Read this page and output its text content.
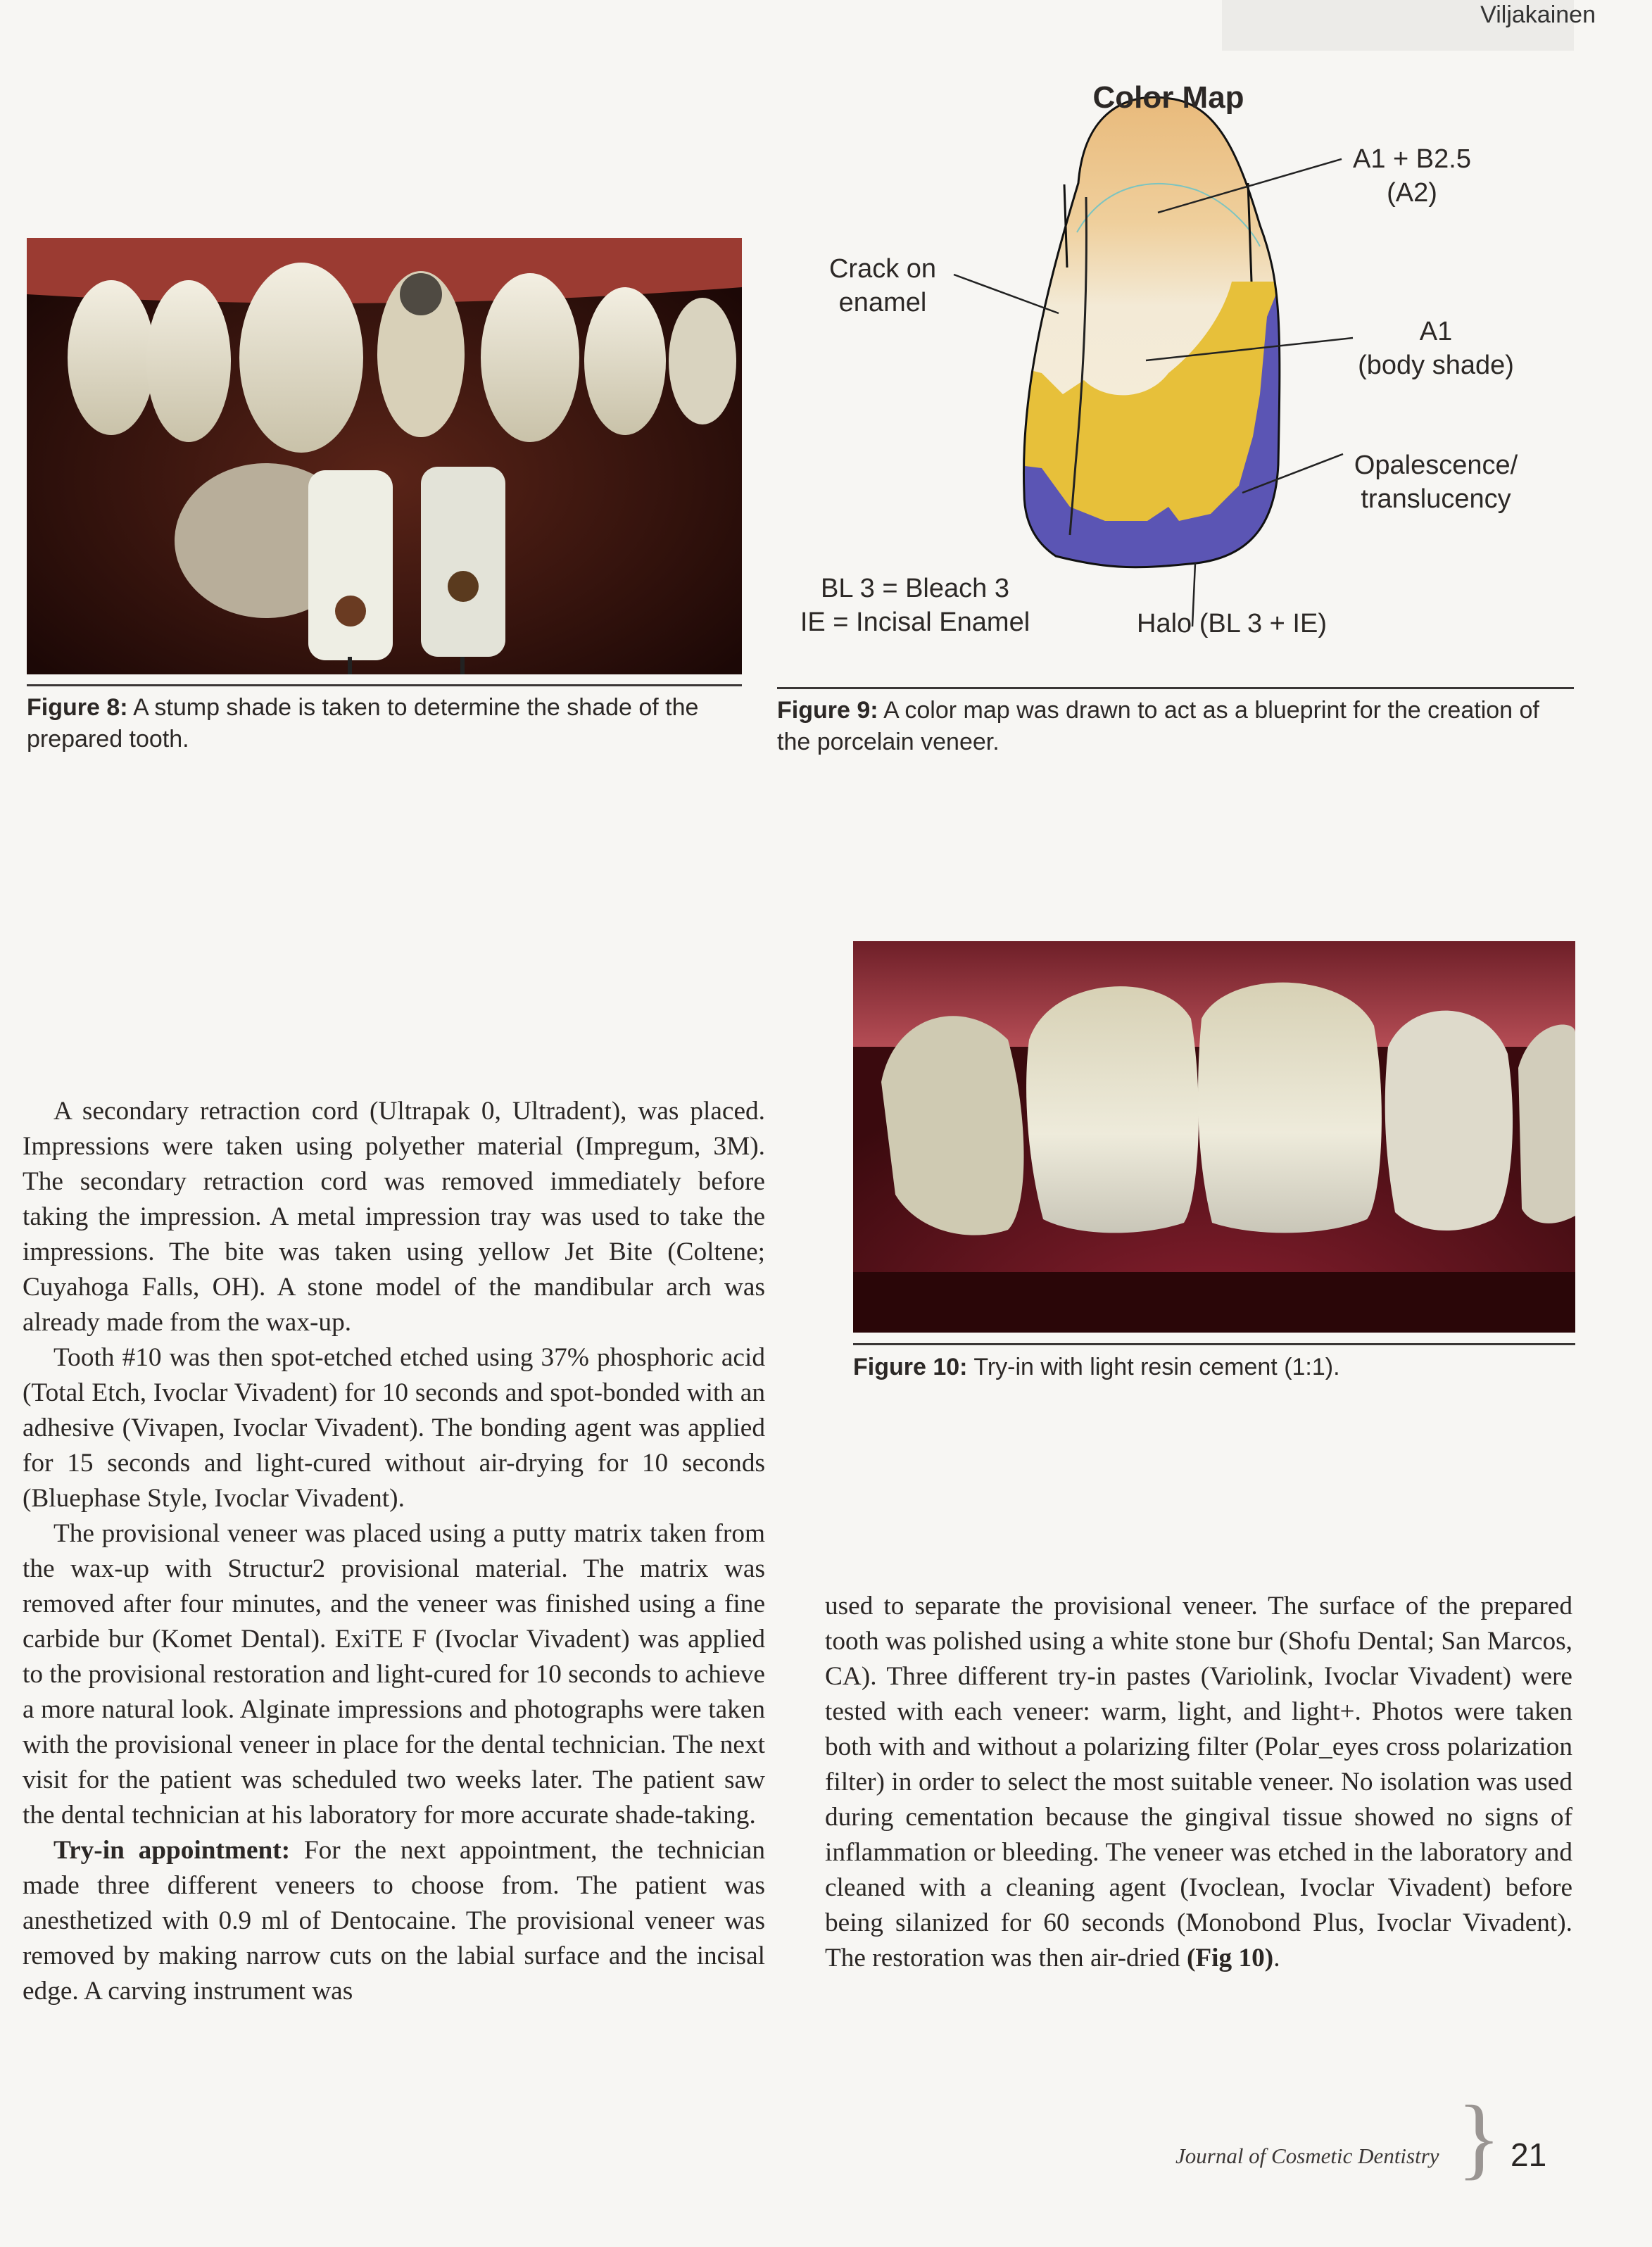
Viljakainen
Figure 8: A stump shade is taken to determine the shade of the prepared tooth.
Color Map
Crack on
enamel
A1 + B2.5
(A2)
A1
(body shade)
Opalescence/
translucency
Halo (BL 3 + IE)
BL 3 = Bleach 3
IE = Incisal Enamel
Figure 9: A color map was drawn to act as a blueprint for the creation of the porcelain veneer.
Figure 10: Try-in with light resin cement (1:1).

A secondary retraction cord (Ultrapak 0, Ultradent), was placed. Impressions were taken using polyether material (Impregum, 3M). The secondary retraction cord was removed immediately before taking the impression. A metal impression tray was used to take the impressions. The bite was taken using yellow Jet Bite (Coltene; Cuyahoga Falls, OH). A stone model of the mandibular arch was already made from the wax-up.

Tooth #10 was then spot-etched etched using 37% phosphoric acid (Total Etch, Ivoclar Vivadent) for 10 seconds and spot-bonded with an adhesive (Vivapen, Ivoclar Vivadent). The bonding agent was applied for 15 seconds and light-cured without air-drying for 10 seconds (Bluephase Style, Ivoclar Vivadent).

The provisional veneer was placed using a putty matrix taken from the wax-up with Structur2 provisional material. The matrix was removed after four minutes, and the veneer was finished using a fine carbide bur (Komet Dental). ExiTE F (Ivoclar Vivadent) was applied to the provisional restoration and light-cured for 10 seconds to achieve a more natural look. Alginate impressions and photographs were taken with the provisional veneer in place for the dental technician. The next visit for the patient was scheduled two weeks later. The patient saw the dental technician at his laboratory for more accurate shade-taking.

Try-in appointment: For the next appointment, the technician made three different veneers to choose from. The patient was anesthetized with 0.9 ml of Dentocaine. The provisional veneer was removed by making narrow cuts on the labial surface and the incisal edge. A carving instrument was

used to separate the provisional veneer. The surface of the prepared tooth was polished using a white stone bur (Shofu Dental; San Marcos, CA). Three different try-in pastes (Variolink, Ivoclar Vivadent) were tested with each veneer: warm, light, and light+. Photos were taken both with and without a polarizing filter (Polar_eyes cross polarization filter) in order to select the most suitable veneer. No isolation was used during cementation because the gingival tissue showed no signs of inflammation or bleeding. The veneer was etched in the laboratory and cleaned with a cleaning agent (Ivoclean, Ivoclar Vivadent) before being silanized for 60 seconds (Monobond Plus, Ivoclar Vivadent). The restoration was then air-dried (Fig 10).

Journal of Cosmetic Dentistry } 21
